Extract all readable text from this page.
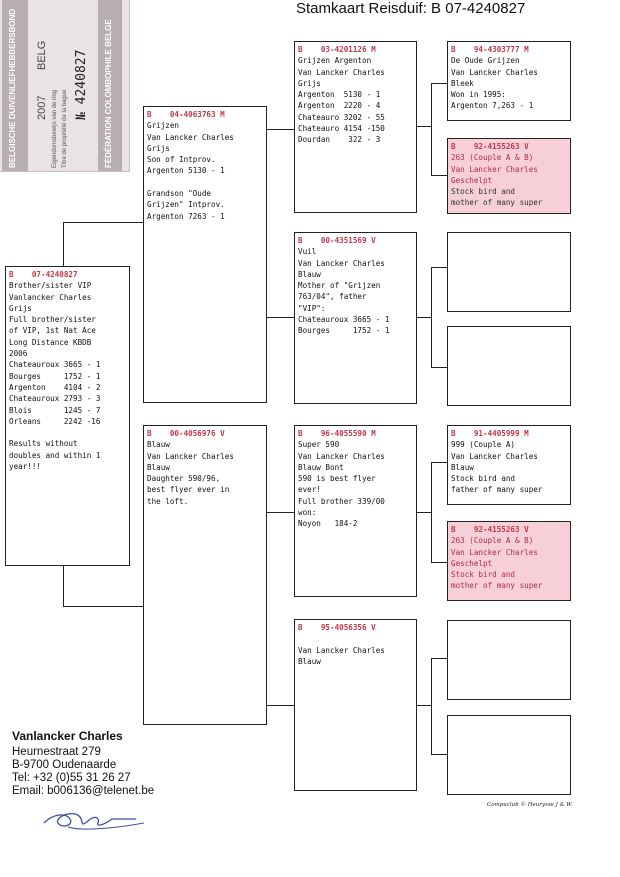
Stamkaart Reisduif: B 07-4240827
BELGISCHE DUIVENLIEFHEBBERSBOND 2007
BELG
Eigendomsbewijs van de ring Titre de propriété de la bague
№ 4240827 FÉDÉRATION COLOMBOPHILE BELGE
B    07-4240827
Brother/sister VIP
Vanlancker Charles
Grijs
Full brother/sister
of VIP, 1st Nat Ace
Long Distance KBDB
2006
Chateauroux 3665 - 1
Bourges     1752 - 1
Argenton    4104 - 2
Chateauroux 2793 - 3
Blois       1245 - 7
Orleans     2242 -16

Results without
doubles and within 1
year!!!
B    04-4063763 M
Grijzen
Van Lancker Charles
Grijs
Son of Intprov.
Argenton 5130 - 1

Grandson "Oude
Grijzen" Intprov.
Argenton 7263 - 1
B    00-4056976 V
Blauw
Van Lancker Charles
Blauw
Daughter 590/96,
best flyer ever in
the loft.
B    03-4201126 M
Grijzen Argenton
Van Lancker Charles
Grijs
Argenton  5130 - 1
Argenton  2220 - 4
Chateauro 3202 - 55
Chateauro 4154 -150
Dourdan    322 - 3
B    00-4351569 V
Vuil
Van Lancker Charles
Blauw
Mother of "Grijzen
763/04", father
"VIP":
Chateauroux 3665 - 1
Bourges     1752 - 1
B    96-4055590 M
Super 590
Van Lancker Charles
Blauw Bont
590 is best flyer
ever!
Full brother 339/00
won:
Noyon   184-2
B    95-4056356 V

Van Lancker Charles
Blauw
B    94-4303777 M
De Oude Grijzen
Van Lancker Charles
Bleek
Won in 1995:
Argenton 7,263 - 1
B    92-4155263 V
263 (Couple A & B)
Van Lancker Charles
Geschelpt
Stock bird and
mother of many super
B    91-4405999 M
999 (Couple A)
Van Lancker Charles
Blauw
Stock bird and
father of many super
B    92-4155263 V
263 (Couple A & B)
Van Lancker Charles
Geschelpt
Stock bird and
mother of many super
Vanlancker Charles
Heurnestraat 279
B-9700 Oudenaarde
Tel: +32 (0)55 31 26 27
Email: b006136@telenet.be
Compuclub © Heurysse J & W
